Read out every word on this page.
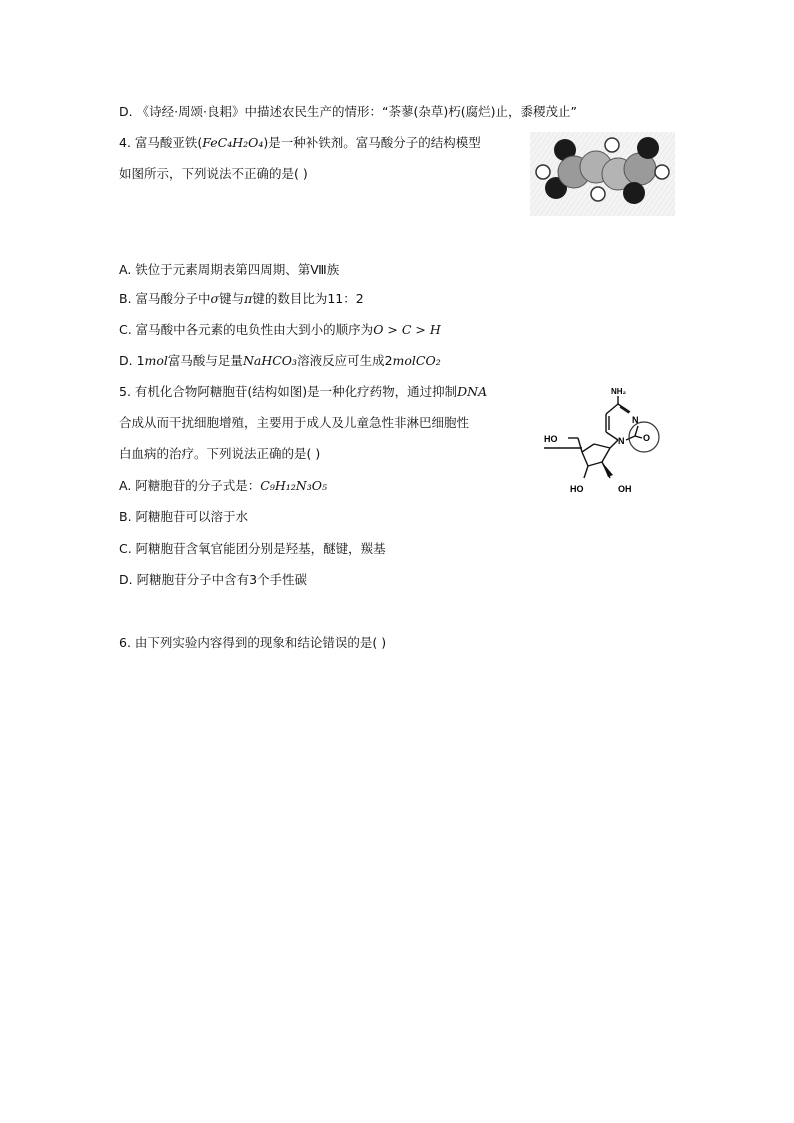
D. 《诗经·周颂·良耜》中描述农民生产的情形：“荼蓼(杂草)朽(腐烂)止，黍稷茂止”
4. 富马酸亚铁(FeC₄H₂O₄)是一种补铁剂。富马酸分子的结构模型
如图所示，下列说法不正确的是( )
A. 铁位于元素周期表第四周期、第Ⅷ族
B. 富马酸分子中σ键与π键的数目比为11：2
C. 富马酸中各元素的电负性由大到小的顺序为O > C > H
D. 1mol富马酸与足量NaHCO₃溶液反应可生成2molCO₂
5. 有机化合物阿糖胞苷(结构如图)是一种化疗药物，通过抑制DNA
合成从而干扰细胞增殖，主要用于成人及儿童急性非淋巴细胞性
白血病的治疗。下列说法正确的是( )
A. 阿糖胞苷的分子式是：C₉H₁₂N₃O₅
B. 阿糖胞苷可以溶于水
C. 阿糖胞苷含氧官能团分别是羟基，醚键，羰基
D. 阿糖胞苷分子中含有3个手性碳
NH₂
N
N O
HO
HO	OH
6. 由下列实验内容得到的现象和结论错误的是( )
